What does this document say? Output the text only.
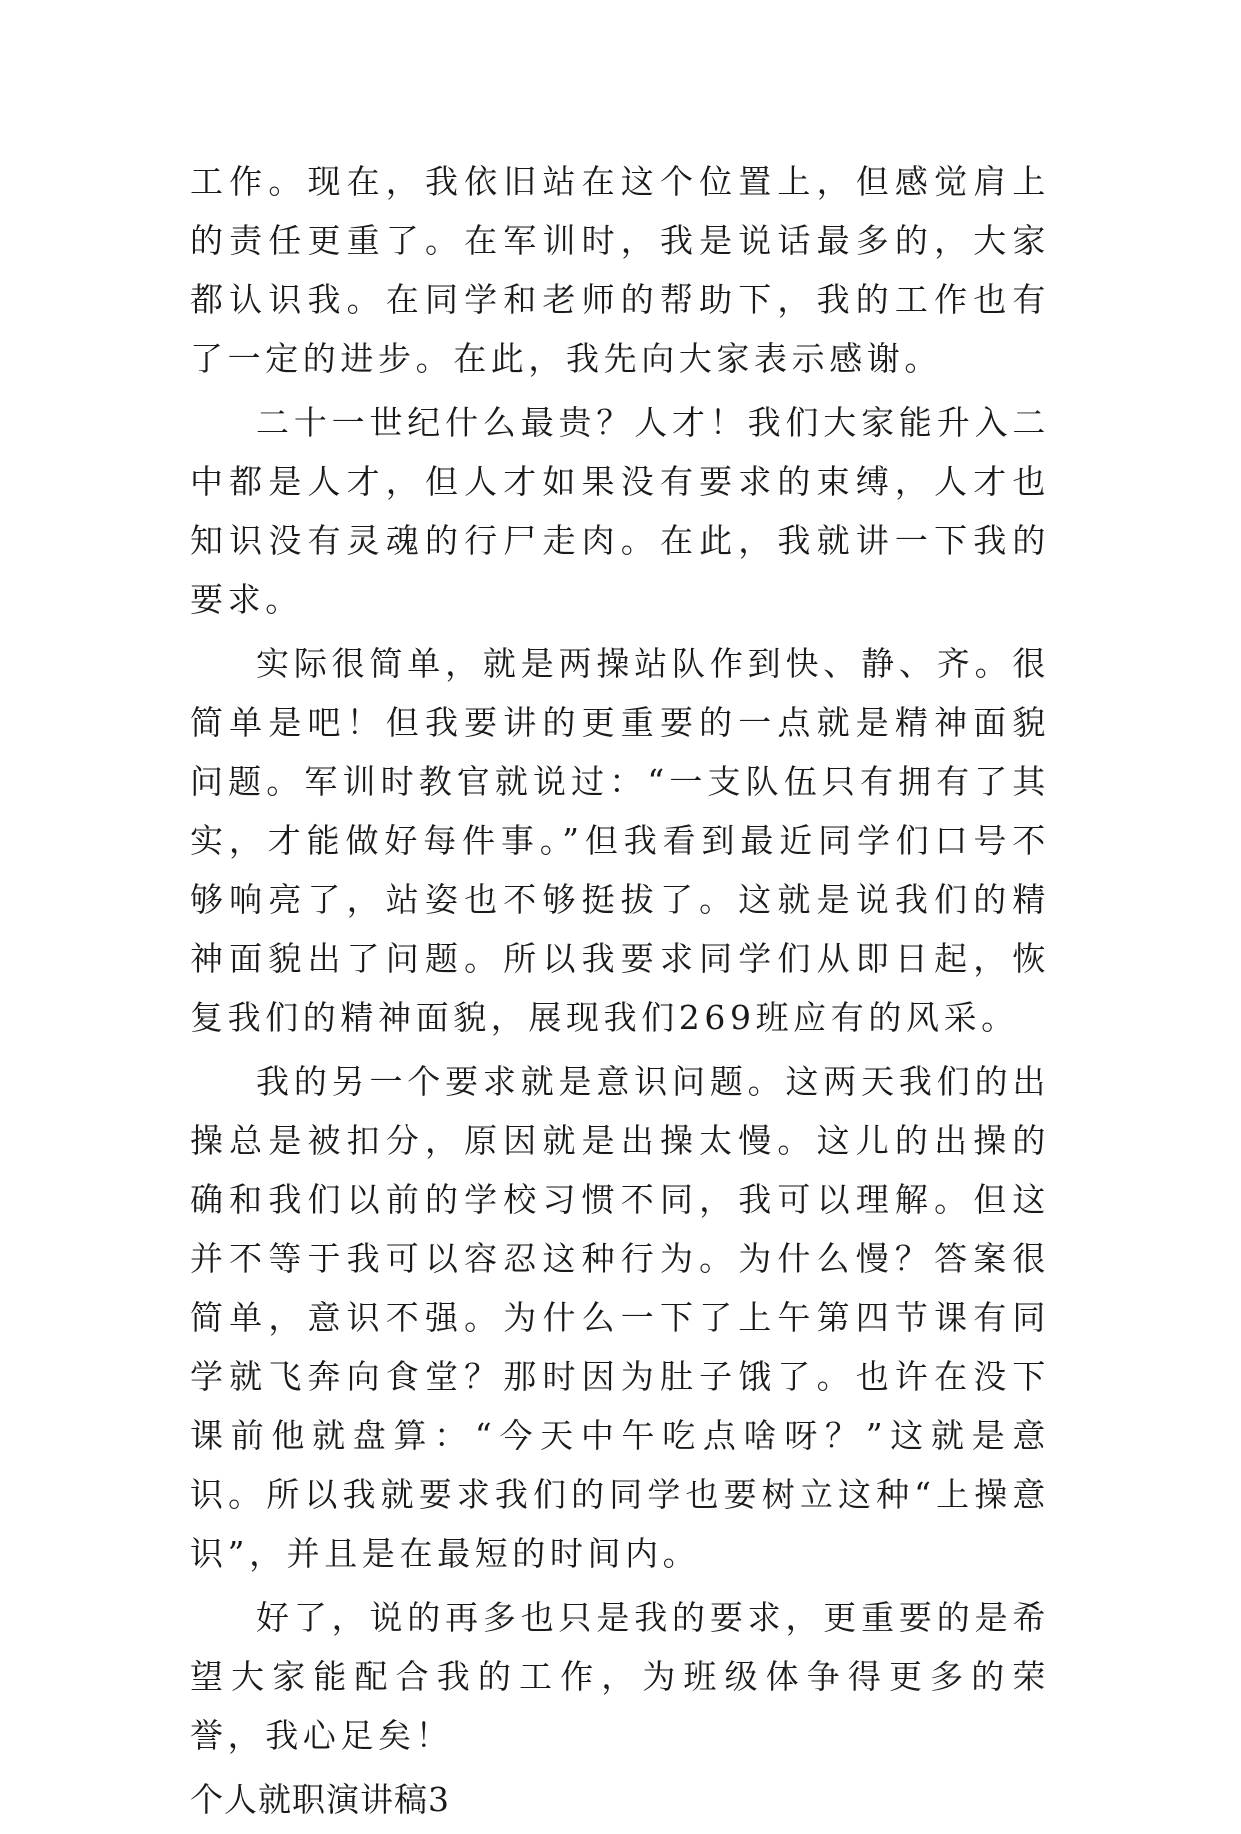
工作。现在，我依旧站在这个位置上，但感觉肩上的责任更重了。在军训时，我是说话最多的，大家都认识我。在同学和老师的帮助下，我的工作也有了一定的进步。在此，我先向大家表示感谢。

二十一世纪什么最贵？人才！我们大家能升入二中都是人才，但人才如果没有要求的束缚，人才也知识没有灵魂的行尸走肉。在此，我就讲一下我的要求。

实际很简单，就是两操站队作到快、静、齐。很简单是吧！但我要讲的更重要的一点就是精神面貌问题。军训时教官就说过：“一支队伍只有拥有了其实，才能做好每件事。”但我看到最近同学们口号不够响亮了，站姿也不够挺拔了。这就是说我们的精神面貌出了问题。所以我要求同学们从即日起，恢复我们的精神面貌，展现我们269班应有的风采。

我的另一个要求就是意识问题。这两天我们的出操总是被扣分，原因就是出操太慢。这儿的出操的确和我们以前的学校习惯不同，我可以理解。但这并不等于我可以容忍这种行为。为什么慢？答案很简单，意识不强。为什么一下了上午第四节课有同学就飞奔向食堂？那时因为肚子饿了。也许在没下课前他就盘算：“今天中午吃点啥呀？”这就是意识。所以我就要求我们的同学也要树立这种“上操意识”，并且是在最短的时间内。

好了，说的再多也只是我的要求，更重要的是希望大家能配合我的工作，为班级体争得更多的荣誉，我心足矣！

个人就职演讲稿3
